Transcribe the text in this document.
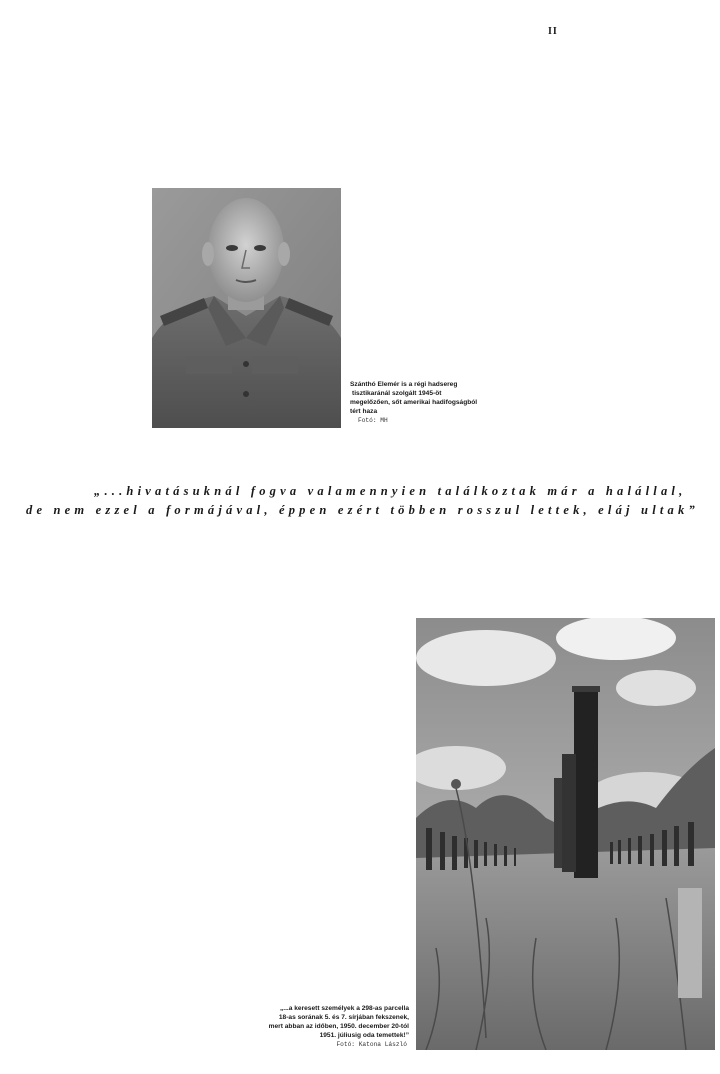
II
Szánthó Elemér is a régi hadsereg
tisztikaránál szolgált 1945-öt
megelőzően, sőt amerikai hadifogságból
tért haza
Fotó: MH
„...hivatásuknál fogva valamennyien találkoztak már a halállal,
de nem ezzel a formájával, éppen ezért többen rosszul lettek, eláj ultak”
„...a keresett személyek a 298-as parcella
18-as sorának 5. és 7. sírjában fekszenek,
mert abban az időben, 1950. december 20-tól
1951. júliusig oda temettek!”
Fotó: Katona László
